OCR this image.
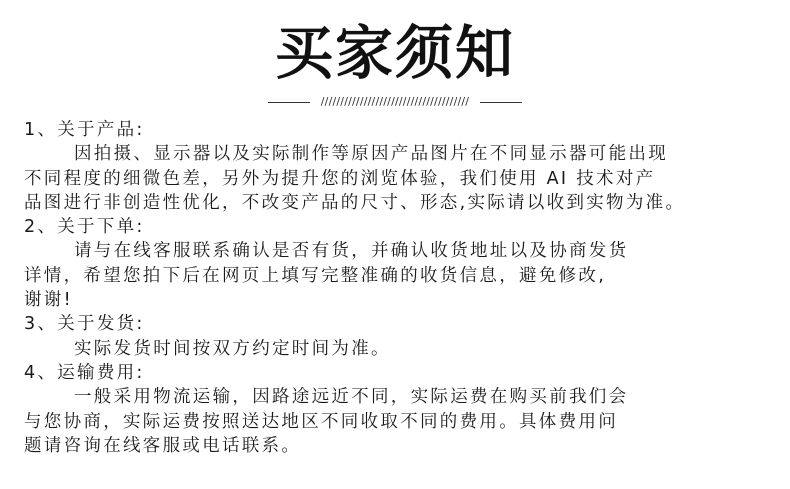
买家须知
//////////////////////////////////////
1、关于产品:
因拍摄、显示器以及实际制作等原因产品图片在不同显示器可能出现
不同程度的细微色差，另外为提升您的浏览体验，我们使用 AI 技术对产
品图进行非创造性优化，不改变产品的尺寸、形态,实际请以收到实物为准。
2、关于下单:
请与在线客服联系确认是否有货，并确认收货地址以及协商发货
详情，希望您拍下后在网页上填写完整准确的收货信息，避免修改,
谢谢!
3、关于发货:
实际发货时间按双方约定时间为准。
4、运输费用:
一般采用物流运输，因路途远近不同，实际运费在购买前我们会
与您协商，实际运费按照送达地区不同收取不同的费用。具体费用问
题请咨询在线客服或电话联系。
